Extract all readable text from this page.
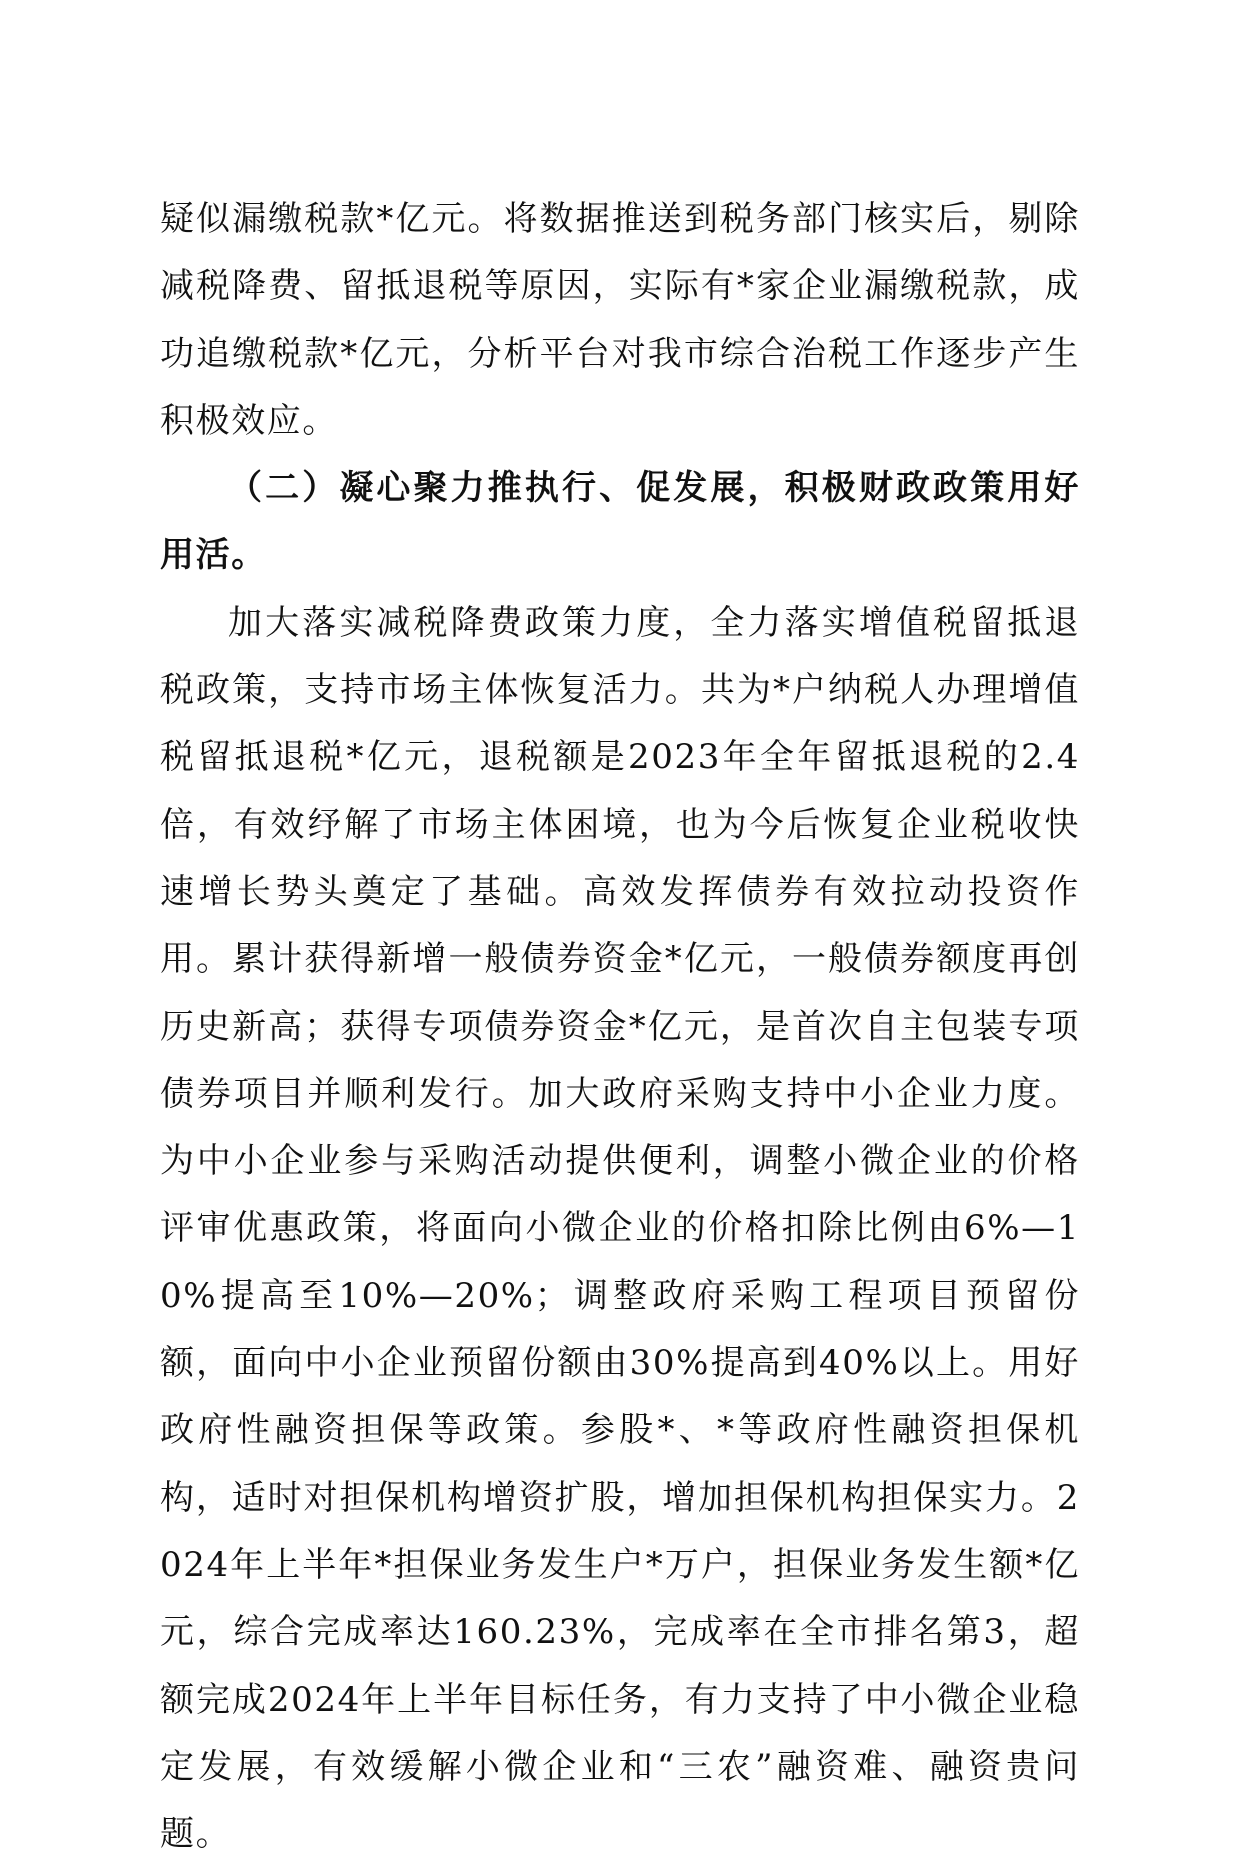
疑似漏缴税款*亿元。将数据推送到税务部门核实后，剔除减税降费、留抵退税等原因，实际有*家企业漏缴税款，成功追缴税款*亿元，分析平台对我市综合治税工作逐步产生积极效应。

（二）凝心聚力推执行、促发展，积极财政政策用好用活。

加大落实减税降费政策力度，全力落实增值税留抵退税政策，支持市场主体恢复活力。共为*户纳税人办理增值税留抵退税*亿元，退税额是2023年全年留抵退税的2.4倍，有效纾解了市场主体困境，也为今后恢复企业税收快速增长势头奠定了基础。高效发挥债券有效拉动投资作用。累计获得新增一般债券资金*亿元，一般债券额度再创历史新高；获得专项债券资金*亿元，是首次自主包装专项债券项目并顺利发行。加大政府采购支持中小企业力度。为中小企业参与采购活动提供便利，调整小微企业的价格评审优惠政策，将面向小微企业的价格扣除比例由6%—10%提高至10%—20%；调整政府采购工程项目预留份额，面向中小企业预留份额由30%提高到40%以上。用好政府性融资担保等政策。参股*、*等政府性融资担保机构，适时对担保机构增资扩股，增加担保机构担保实力。2024年上半年*担保业务发生户*万户，担保业务发生额*亿元，综合完成率达160.23%，完成率在全市排名第3，超额完成2024年上半年目标任务，有力支持了中小微企业稳定发展，有效缓解小微企业和“三农”融资难、融资贵问题。
